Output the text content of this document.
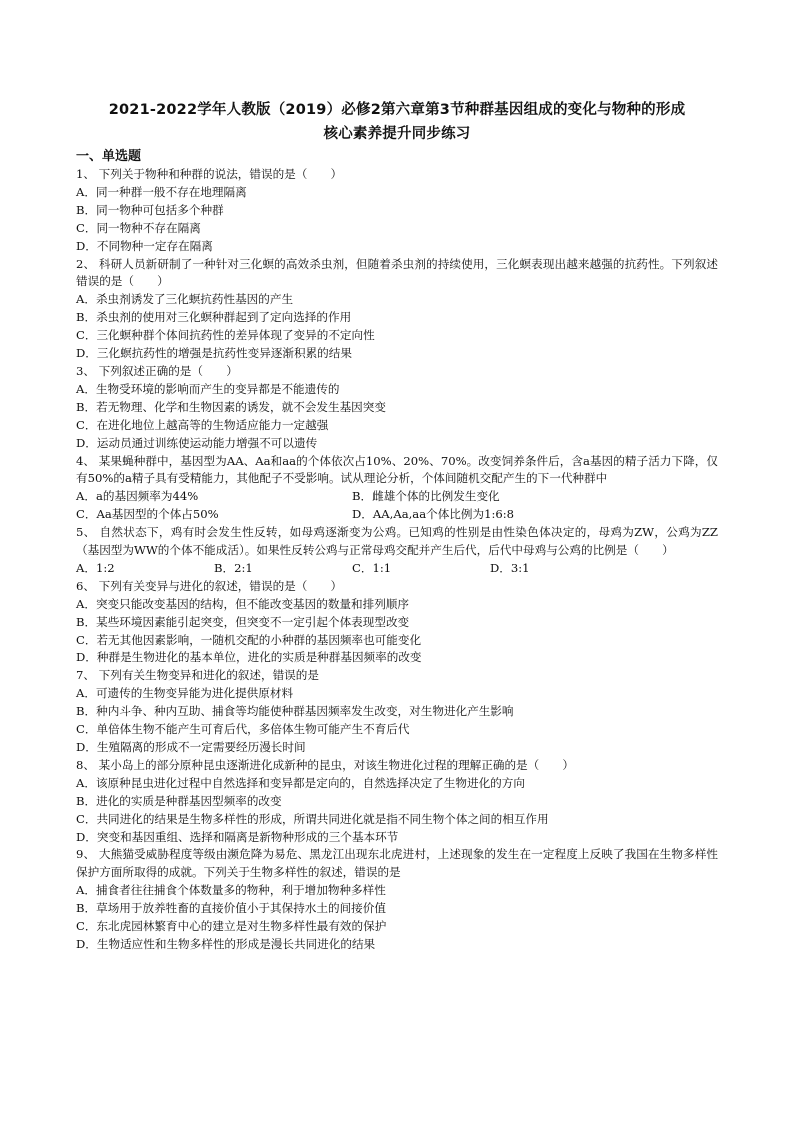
2021-2022学年人教版（2019）必修2第六章第3节种群基因组成的变化与物种的形成
核心素养提升同步练习
一、单选题
1、 下列关于物种和种群的说法，错误的是（　　）
A．同一种群一般不存在地理隔离
B．同一物种可包括多个种群
C．同一物种不存在隔离
D．不同物种一定存在隔离
2、 科研人员新研制了一种针对三化螟的高效杀虫剂，但随着杀虫剂的持续使用，三化螟表现出越来越强的抗药性。下列叙述错误的是（　　）
A．杀虫剂诱发了三化螟抗药性基因的产生
B．杀虫剂的使用对三化螟种群起到了定向选择的作用
C．三化螟种群个体间抗药性的差异体现了变异的不定向性
D．三化螟抗药性的增强是抗药性变异逐渐积累的结果
3、 下列叙述正确的是（　　）
A．生物受环境的影响而产生的变异都是不能遗传的
B．若无物理、化学和生物因素的诱发，就不会发生基因突变
C．在进化地位上越高等的生物适应能力一定越强
D．运动员通过训练使运动能力增强不可以遗传
4、 某果蝇种群中，基因型为AA、Aa和aa的个体依次占10%、20%、70%。改变饲养条件后，含a基因的精子活力下降，仅有50%的a精子具有受精能力，其他配子不受影响。试从理论分析，个体间随机交配产生的下一代种群中
A．a的基因频率为44%	B．雌雄个体的比例发生变化
C．Aa基因型的个体占50%	D．AA,Aa,aa个体比例为1:6:8
5、 自然状态下，鸡有时会发生性反转，如母鸡逐渐变为公鸡。已知鸡的性别是由性染色体决定的，母鸡为ZW，公鸡为ZZ（基因型为WW的个体不能成活）。如果性反转公鸡与正常母鸡交配并产生后代，后代中母鸡与公鸡的比例是（　　）
A．1:2	B．2:1	C．1:1	D．3:1
6、 下列有关变异与进化的叙述，错误的是（　　）
A．突变只能改变基因的结构，但不能改变基因的数量和排列顺序
B．某些环境因素能引起突变，但突变不一定引起个体表现型改变
C．若无其他因素影响，一随机交配的小种群的基因频率也可能变化
D．种群是生物进化的基本单位，进化的实质是种群基因频率的改变
7、 下列有关生物变异和进化的叙述，错误的是
A．可遗传的生物变异能为进化提供原材料
B．种内斗争、种内互助、捕食等均能使种群基因频率发生改变，对生物进化产生影响
C．单倍体生物不能产生可育后代，多倍体生物可能产生不育后代
D．生殖隔离的形成不一定需要经历漫长时间
8、 某小岛上的部分原种昆虫逐渐进化成新种的昆虫，对该生物进化过程的理解正确的是（　　）
A．该原种昆虫进化过程中自然选择和变异都是定向的，自然选择决定了生物进化的方向
B．进化的实质是种群基因型频率的改变
C．共同进化的结果是生物多样性的形成，所谓共同进化就是指不同生物个体之间的相互作用
D．突变和基因重组、选择和隔离是新物种形成的三个基本环节
9、 大熊猫受威胁程度等级由濒危降为易危、黑龙江出现东北虎进村，上述现象的发生在一定程度上反映了我国在生物多样性保护方面所取得的成就。下列关于生物多样性的叙述，错误的是
A．捕食者往往捕食个体数量多的物种，利于增加物种多样性
B．草场用于放养牲畜的直接价值小于其保持水土的间接价值
C．东北虎园林繁育中心的建立是对生物多样性最有效的保护
D．生物适应性和生物多样性的形成是漫长共同进化的结果
